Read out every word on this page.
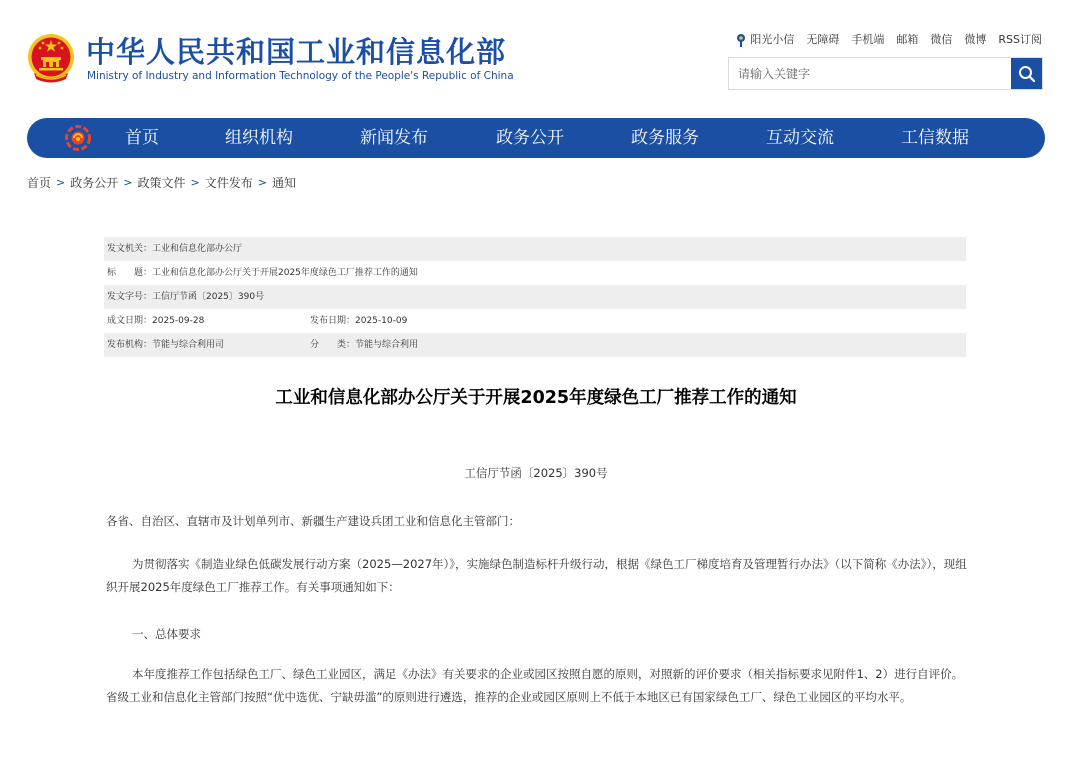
中华人民共和国工业和信息化部
Ministry of Industry and Information Technology of the People's Republic of China
阳光小信 无障碍 手机端 邮箱 微信 微博 RSS订阅
请输入关键字
首页	组织机构	新闻发布	政务公开	政务服务	互动交流	工信数据
首页 > 政务公开 > 政策文件 > 文件发布 > 通知
发文机关：工业和信息化部办公厅
标　　题：工业和信息化部办公厅关于开展2025年度绿色工厂推荐工作的通知
发文字号：工信厅节函〔2025〕390号
成文日期：2025-09-28	发布日期：2025-10-09
发布机构：节能与综合利用司	分　　类：节能与综合利用
工业和信息化部办公厅关于开展2025年度绿色工厂推荐工作的通知
工信厅节函〔2025〕390号

各省、自治区、直辖市及计划单列市、新疆生产建设兵团工业和信息化主管部门：

为贯彻落实《制造业绿色低碳发展行动方案（2025—2027年）》，实施绿色制造标杆升级行动，根据《绿色工厂梯度培育及管理暂行办法》（以下简称《办法》），现组织开展2025年度绿色工厂推荐工作。有关事项通知如下：

一、总体要求

本年度推荐工作包括绿色工厂、绿色工业园区，满足《办法》有关要求的企业或园区按照自愿的原则，对照新的评价要求（相关指标要求见附件1、2）进行自评价。省级工业和信息化主管部门按照“优中选优、宁缺毋滥”的原则进行遴选，推荐的企业或园区原则上不低于本地区已有国家绿色工厂、绿色工业园区的平均水平。
